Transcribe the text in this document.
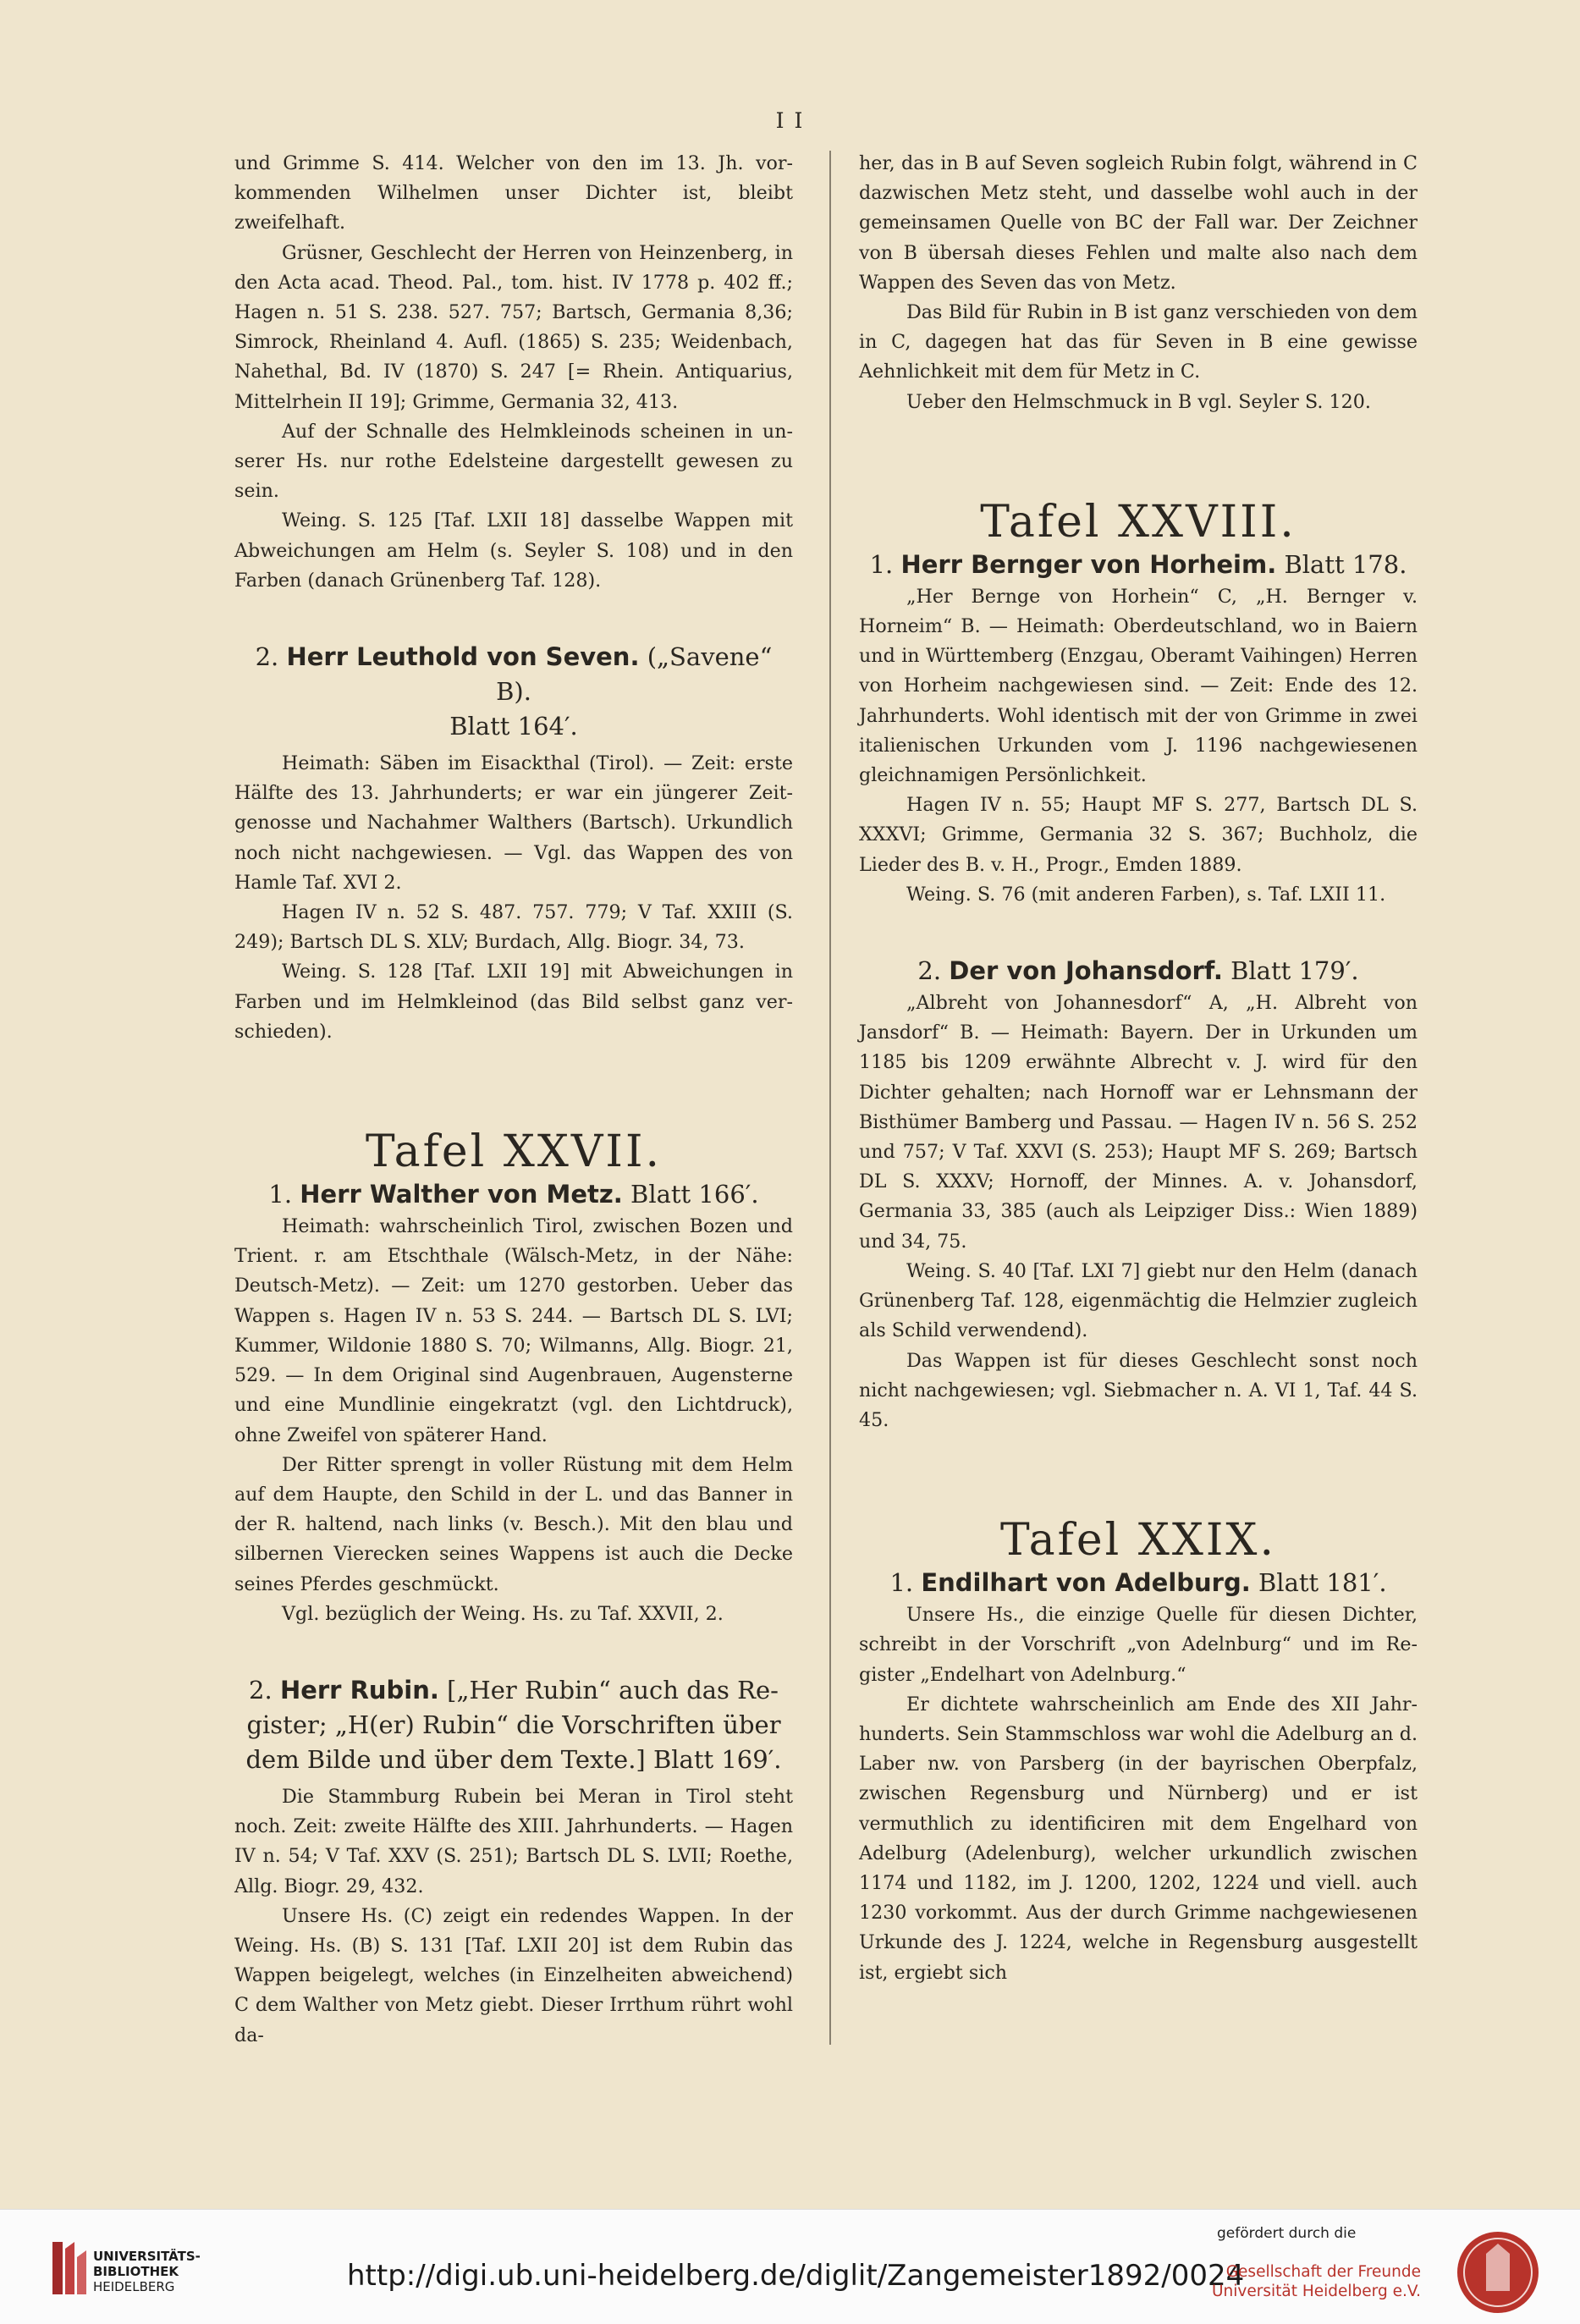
I I

und Grimme S. 414. Welcher von den im 13. Jh. vorkommenden Wilhelmen unser Dichter ist, bleibt zweifelhaft.

Grüsner, Geschlecht der Herren von Heinzenberg, in den Acta acad. Theod. Pal., tom. hist. IV 1778 p. 402 ff.; Hagen n. 51 S. 238. 527. 757; Bartsch, Germania 8,36; Simrock, Rheinland 4. Aufl. (1865) S. 235; Weidenbach, Nahethal, Bd. IV (1870) S. 247 [= Rhein. Antiquarius, Mittelrhein II 19]; Grimme, Germania 32, 413.

Auf der Schnalle des Helmkleinods scheinen in unserer Hs. nur rothe Edelsteine dargestellt gewesen zu sein.

Weing. S. 125 [Taf. LXII 18] dasselbe Wappen mit Abweichungen am Helm (s. Seyler S. 108) und in den Farben (danach Grünenberg Taf. 128).

2. Herr Leuthold von Seven. („Savene“ B).
Blatt 164′.

Heimath: Säben im Eisackthal (Tirol). — Zeit: erste Hälfte des 13. Jahrhunderts; er war ein jüngerer Zeitgenosse und Nachahmer Walthers (Bartsch). Urkundlich noch nicht nachgewiesen. — Vgl. das Wappen des von Hamle Taf. XVI 2.

Hagen IV n. 52 S. 487. 757. 779; V Taf. XXIII (S. 249); Bartsch DL S. XLV; Burdach, Allg. Biogr. 34, 73.

Weing. S. 128 [Taf. LXII 19] mit Abweichungen in Farben und im Helmkleinod (das Bild selbst ganz verschieden).

Tafel XXVII.
1. Herr Walther von Metz. Blatt 166′.

Heimath: wahrscheinlich Tirol, zwischen Bozen und Trient. r. am Etschthale (Wälsch-Metz, in der Nähe: Deutsch-Metz). — Zeit: um 1270 gestorben. Ueber das Wappen s. Hagen IV n. 53 S. 244. — Bartsch DL S. LVI; Kummer, Wildonie 1880 S. 70; Wilmanns, Allg. Biogr. 21, 529. — In dem Original sind Augenbrauen, Augensterne und eine Mundlinie eingekratzt (vgl. den Lichtdruck), ohne Zweifel von späterer Hand.

Der Ritter sprengt in voller Rüstung mit dem Helm auf dem Haupte, den Schild in der L. und das Banner in der R. haltend, nach links (v. Besch.). Mit den blau und silbernen Vierecken seines Wappens ist auch die Decke seines Pferdes geschmückt.

Vgl. bezüglich der Weing. Hs. zu Taf. XXVII, 2.

2. Herr Rubin. [„Her Rubin“ auch das Re-
gister; „H(er) Rubin“ die Vorschriften über
dem Bilde und über dem Texte.] Blatt 169′.

Die Stammburg Rubein bei Meran in Tirol steht noch. Zeit: zweite Hälfte des XIII. Jahrhunderts. — Hagen IV n. 54; V Taf. XXV (S. 251); Bartsch DL S. LVII; Roethe, Allg. Biogr. 29, 432.

Unsere Hs. (C) zeigt ein redendes Wappen. In der Weing. Hs. (B) S. 131 [Taf. LXII 20] ist dem Rubin das Wappen beigelegt, welches (in Einzelheiten abweichend) C dem Walther von Metz giebt. Dieser Irrthum rührt wohl da-

her, das in B auf Seven sogleich Rubin folgt, während in C dazwischen Metz steht, und dasselbe wohl auch in der gemeinsamen Quelle von BC der Fall war. Der Zeichner von B übersah dieses Fehlen und malte also nach dem Wappen des Seven das von Metz.

Das Bild für Rubin in B ist ganz verschieden von dem in C, dagegen hat das für Seven in B eine gewisse Aehnlichkeit mit dem für Metz in C.

Ueber den Helmschmuck in B vgl. Seyler S. 120.

Tafel XXVIII.
1. Herr Bernger von Horheim. Blatt 178.

„Her Bernge von Horhein“ C, „H. Bernger v. Horneim“ B. — Heimath: Oberdeutschland, wo in Baiern und in Württemberg (Enzgau, Oberamt Vaihingen) Herren von Horheim nachgewiesen sind. — Zeit: Ende des 12. Jahrhunderts. Wohl identisch mit der von Grimme in zwei italienischen Urkunden vom J. 1196 nachgewiesenen gleichnamigen Persönlichkeit.

Hagen IV n. 55; Haupt MF S. 277, Bartsch DL S. XXXVI; Grimme, Germania 32 S. 367; Buchholz, die Lieder des B. v. H., Progr., Emden 1889.

Weing. S. 76 (mit anderen Farben), s. Taf. LXII 11.

2. Der von Johansdorf. Blatt 179′.

„Albreht von Johannesdorf“ A, „H. Albreht von Jansdorf“ B. — Heimath: Bayern. Der in Urkunden um 1185 bis 1209 erwähnte Albrecht v. J. wird für den Dichter gehalten; nach Hornoff war er Lehnsmann der Bisthümer Bamberg und Passau. — Hagen IV n. 56 S. 252 und 757; V Taf. XXVI (S. 253); Haupt MF S. 269; Bartsch DL S. XXXV; Hornoff, der Minnes. A. v. Johansdorf, Germania 33, 385 (auch als Leipziger Diss.: Wien 1889) und 34, 75.

Weing. S. 40 [Taf. LXI 7] giebt nur den Helm (danach Grünenberg Taf. 128, eigenmächtig die Helmzier zugleich als Schild verwendend).

Das Wappen ist für dieses Geschlecht sonst noch nicht nachgewiesen; vgl. Siebmacher n. A. VI 1, Taf. 44 S. 45.

Tafel XXIX.
1. Endilhart von Adelburg. Blatt 181′.

Unsere Hs., die einzige Quelle für diesen Dichter, schreibt in der Vorschrift „von Adelnburg“ und im Register „Endelhart von Adelnburg.“

Er dichtete wahrscheinlich am Ende des XII Jahrhunderts. Sein Stammschloss war wohl die Adelburg an d. Laber nw. von Parsberg (in der bayrischen Oberpfalz, zwischen Regensburg und Nürnberg) und er ist vermuthlich zu identificiren mit dem Engelhard von Adelburg (Adelenburg), welcher urkundlich zwischen 1174 und 1182, im J. 1200, 1202, 1224 und viell. auch 1230 vorkommt. Aus der durch Grimme nachgewiesenen Urkunde des J. 1224, welche in Regensburg ausgestellt ist, ergiebt sich

UNIVERSITÄTS-
BIBLIOTHEK
HEIDELBERG	http://digi.ub.uni-heidelberg.de/diglit/Zangemeister1892/0024
gefördert durch die
Gesellschaft der Freunde
Universität Heidelberg e.V.
